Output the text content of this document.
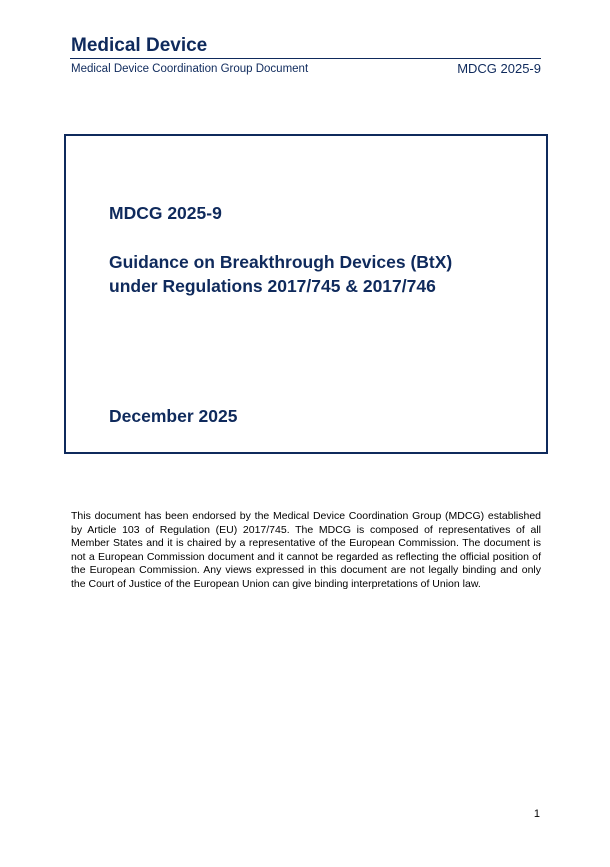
Medical Device
Medical Device Coordination Group Document	MDCG 2025-9
MDCG 2025-9
Guidance on Breakthrough Devices (BtX)
under Regulations 2017/745 & 2017/746
December 2025
This document has been endorsed by the Medical Device Coordination Group (MDCG) established by Article 103 of Regulation (EU) 2017/745. The MDCG is composed of representatives of all Member States and it is chaired by a representative of the European Commission. The document is not a European Commission document and it cannot be regarded as reflecting the official position of the European Commission. Any views expressed in this document are not legally binding and only the Court of Justice of the European Union can give binding interpretations of Union law.
1
